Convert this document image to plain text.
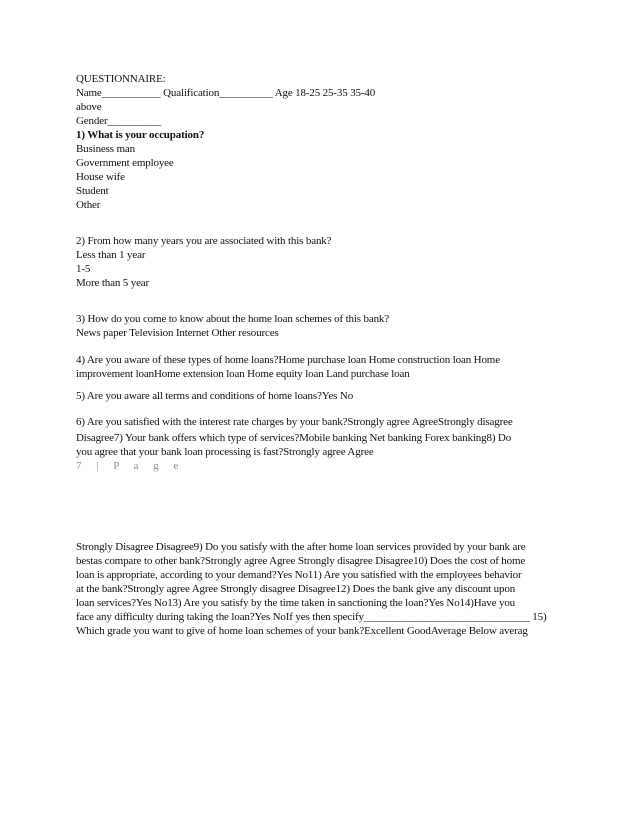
QUESTIONNAIRE:
Name___________ Qualification__________ Age 18-25 25-35 35-40
above
Gender__________
1) What is your occupation?
Business man
Government employee
House wife
Student
Other
2) From how many years you are associated with this bank?
Less than 1 year
1-5
More than 5 year
3) How do you come to know about the home loan schemes of this bank?
News paper Television Internet Other resources
4) Are you aware of these types of home loans?Home purchase loan Home construction loan Home
improvement loanHome extension loan Home equity loan Land purchase loan
5) Are you aware all terms and conditions of home loans?Yes No
6) Are you satisfied with the interest rate charges by your bank?Strongly agree AgreeStrongly disagree
Disagree7) Your bank offers which type of services?Mobile banking Net banking Forex banking8) Do
you agree that your bank loan processing is fast?Strongly agree Agree
7 | P a g e
Strongly Disagree Disagree9) Do you satisfy with the after home loan services provided by your bank are
bestas compare to other bank?Strongly agree Agree Strongly disagree Disagree10) Does the cost of home
loan is appropriate, according to your demand?Yes No11) Are you satisfied with the employees behavior
at the bank?Strongly agree Agree Strongly disagree Disagree12) Does the bank give any discount upon
loan services?Yes No13) Are you satisfy by the time taken in sanctioning the loan?Yes No14)Have you
face any difficulty during taking the loan?Yes NoIf yes then specify_______________________________ 15)
Which grade you want to give of home loan schemes of your bank?Excellent GoodAverage Below averag
